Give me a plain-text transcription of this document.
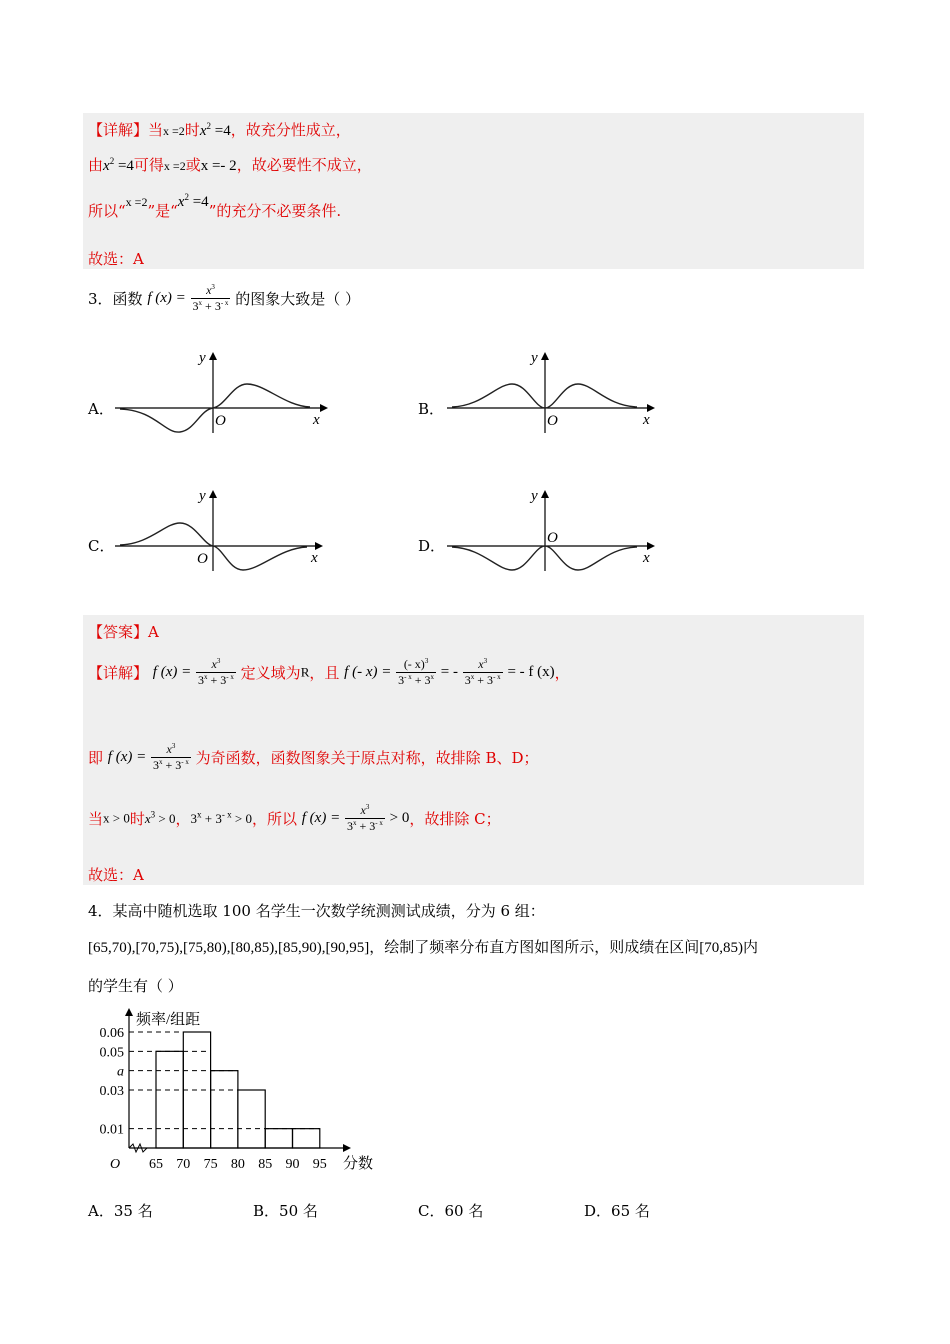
【详解】当x =2时$x^2 =4$，故充分性成立，
由$x^2 =4$可得x =2或x =- 2，故必要性不成立，
所以“$^{x =2}$”是“$x^2 =4$”的充分不必要条件.
故选：A
3．函数 f $(x) = \frac{x^3}{3^x + 3^{- x}}$ 的图象大致是（ ）
A．
y
x
O
B．
y
x
O
C．
y
x
O
D．
y
x
O
【答案】A
【详解】 f $(x) = \frac{x^3}{3^x + 3^{- x}}$ 定义域为R，且 f (- $x) = \frac{(- x)^3}{3^{- x} + 3^x}$ = - $\frac{x^3}{3^x + 3^{- x}}$ = - f (x)，
即 f $(x) = \frac{x^3}{3^x + 3^{- x}}$ 为奇函数，函数图象关于原点对称，故排除 B、D；
当x > 0时$x^3 > 0$，$3^x + 3^{- x} > 0$，所以 f $(x) = \frac{x^3}{3^x + 3^{- x}} > 0$，故排除 C；
故选：A
4．某高中随机选取 100 名学生一次数学统测测试成绩，分为 6 组：
[65,70),[70,75),[75,80),[80,85),[85,90),[90,95]，绘制了频率分布直方图如图所示，则成绩在区间[70,85)内
的学生有（ ）
频率/组距
分数
O
0.06
0.05
a
0.03
0.01
65 70 75 80 85 90 95
A．35 名	B．50 名	C．60 名	D．65 名
